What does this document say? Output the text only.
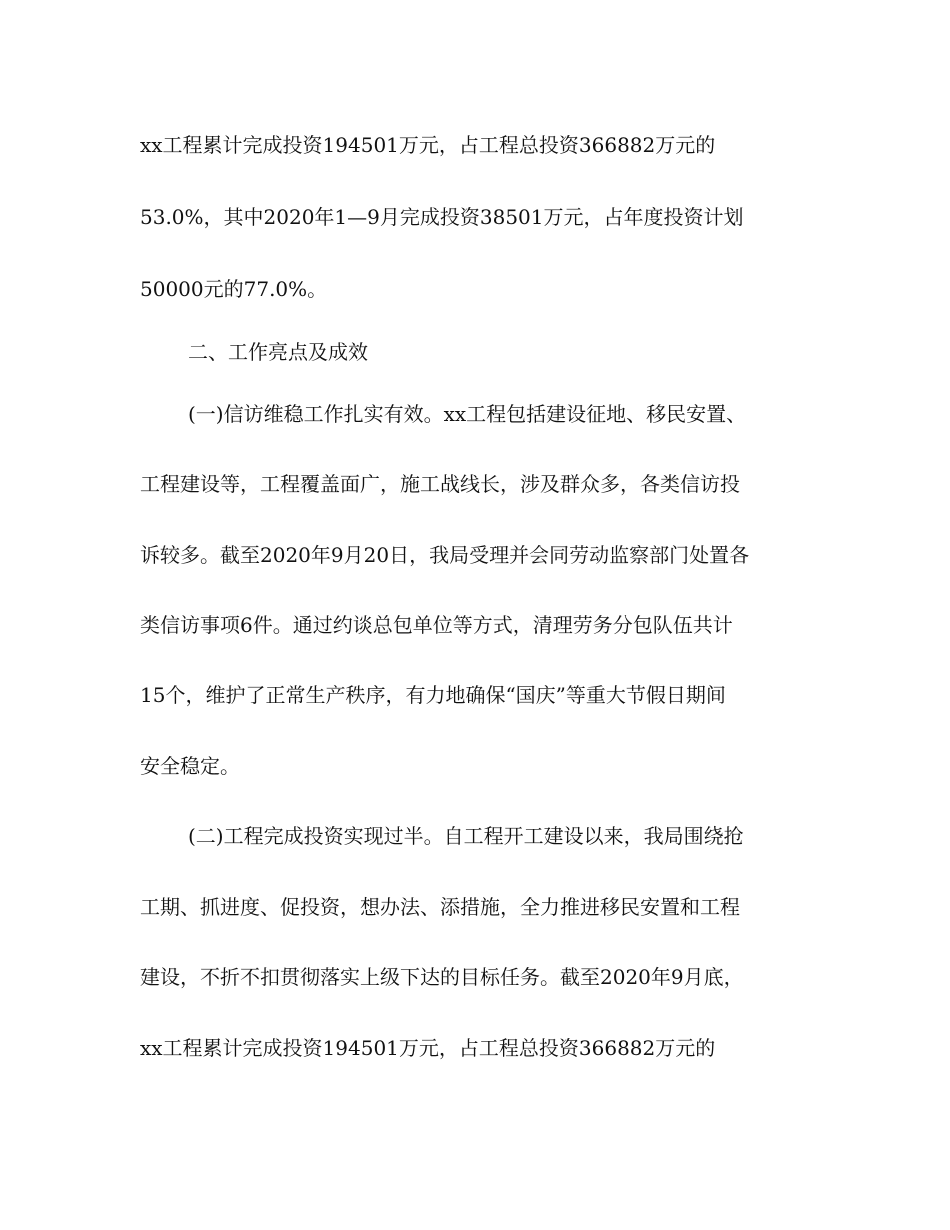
xx工程累计完成投资194501万元，占工程总投资366882万元的
53.0%，其中2020年1—9月完成投资38501万元，占年度投资计划
50000元的77.0%。
二、工作亮点及成效
(一)信访维稳工作扎实有效。xx工程包括建设征地、移民安置、
工程建设等，工程覆盖面广，施工战线长，涉及群众多，各类信访投
诉较多。截至2020年9月20日，我局受理并会同劳动监察部门处置各
类信访事项6件。通过约谈总包单位等方式，清理劳务分包队伍共计
15个，维护了正常生产秩序，有力地确保“国庆”等重大节假日期间
安全稳定。
(二)工程完成投资实现过半。自工程开工建设以来，我局围绕抢
工期、抓进度、促投资，想办法、添措施，全力推进移民安置和工程
建设，不折不扣贯彻落实上级下达的目标任务。截至2020年9月底，
xx工程累计完成投资194501万元，占工程总投资366882万元的
